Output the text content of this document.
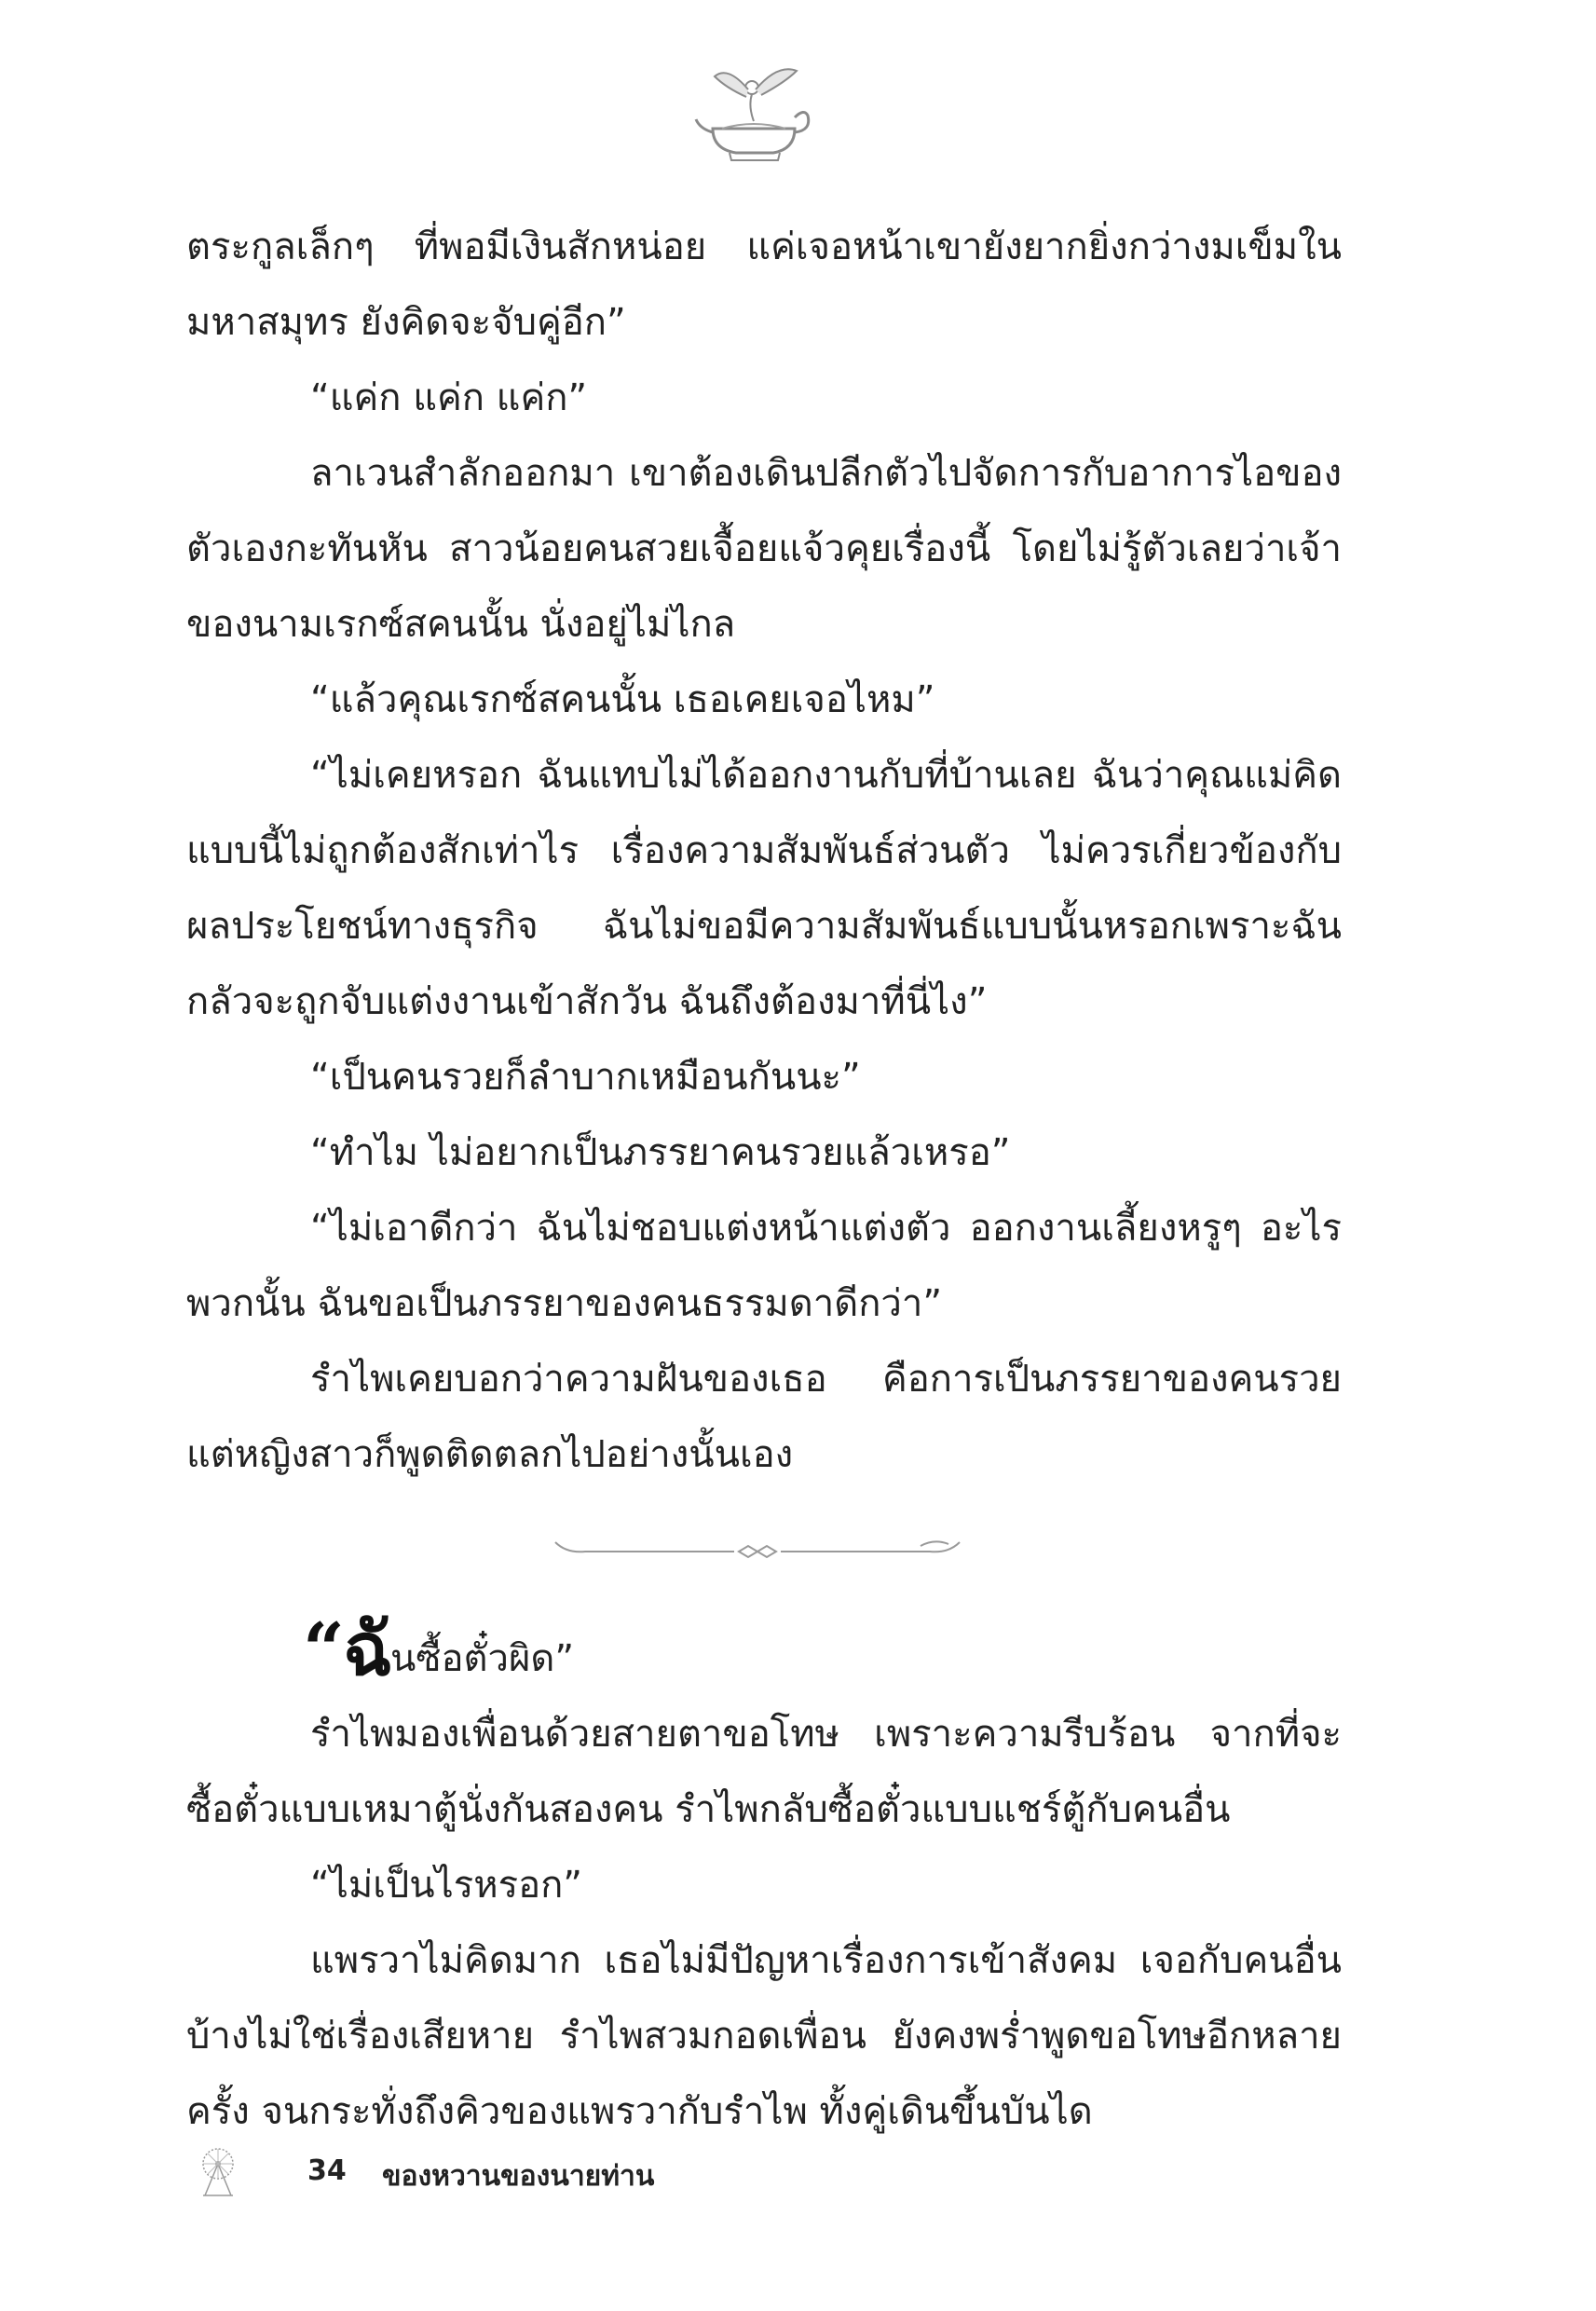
ตระกูลเล็กๆ ที่พอมีเงินสักหน่อย แค่เจอหน้าเขายังยากยิ่งกว่างมเข็มในมหาสมุทร ยังคิดจะจับคู่อีก”

“แค่ก แค่ก แค่ก”

ลาเวนสำลักออกมา เขาต้องเดินปลีกตัวไปจัดการกับอาการไอของตัวเองกะทันหัน สาวน้อยคนสวยเจื้อยแจ้วคุยเรื่องนี้ โดยไม่รู้ตัวเลยว่าเจ้าของนามเรกซ์สคนนั้น นั่งอยู่ไม่ไกล

“แล้วคุณเรกซ์สคนนั้น เธอเคยเจอไหม”

“ไม่เคยหรอก ฉันแทบไม่ได้ออกงานกับที่บ้านเลย ฉันว่าคุณแม่คิดแบบนี้ไม่ถูกต้องสักเท่าไร เรื่องความสัมพันธ์ส่วนตัว ไม่ควรเกี่ยวข้องกับผลประโยชน์ทางธุรกิจ ฉันไม่ขอมีความสัมพันธ์แบบนั้นหรอกเพราะฉันกลัวจะถูกจับแต่งงานเข้าสักวัน ฉันถึงต้องมาที่นี่ไง”

“เป็นคนรวยก็ลำบากเหมือนกันนะ”

“ทำไม ไม่อยากเป็นภรรยาคนรวยแล้วเหรอ”

“ไม่เอาดีกว่า ฉันไม่ชอบแต่งหน้าแต่งตัว ออกงานเลี้ยงหรูๆ อะไรพวกนั้น ฉันขอเป็นภรรยาของคนธรรมดาดีกว่า”

รำไพเคยบอกว่าความฝันของเธอ คือการเป็นภรรยาของคนรวยแต่หญิงสาวก็พูดติดตลกไปอย่างนั้นเอง

“ฉันซื้อตั๋วผิด”

รำไพมองเพื่อนด้วยสายตาขอโทษ เพราะความรีบร้อน จากที่จะซื้อตั๋วแบบเหมาตู้นั่งกันสองคน รำไพกลับซื้อตั๋วแบบแชร์ตู้กับคนอื่น

“ไม่เป็นไรหรอก”

แพรวาไม่คิดมาก เธอไม่มีปัญหาเรื่องการเข้าสังคม เจอกับคนอื่นบ้างไม่ใช่เรื่องเสียหาย รำไพสวมกอดเพื่อน ยังคงพร่ำพูดขอโทษอีกหลายครั้ง จนกระทั่งถึงคิวของแพรวากับรำไพ ทั้งคู่เดินขึ้นบันได

34 ของหวานของนายท่าน
